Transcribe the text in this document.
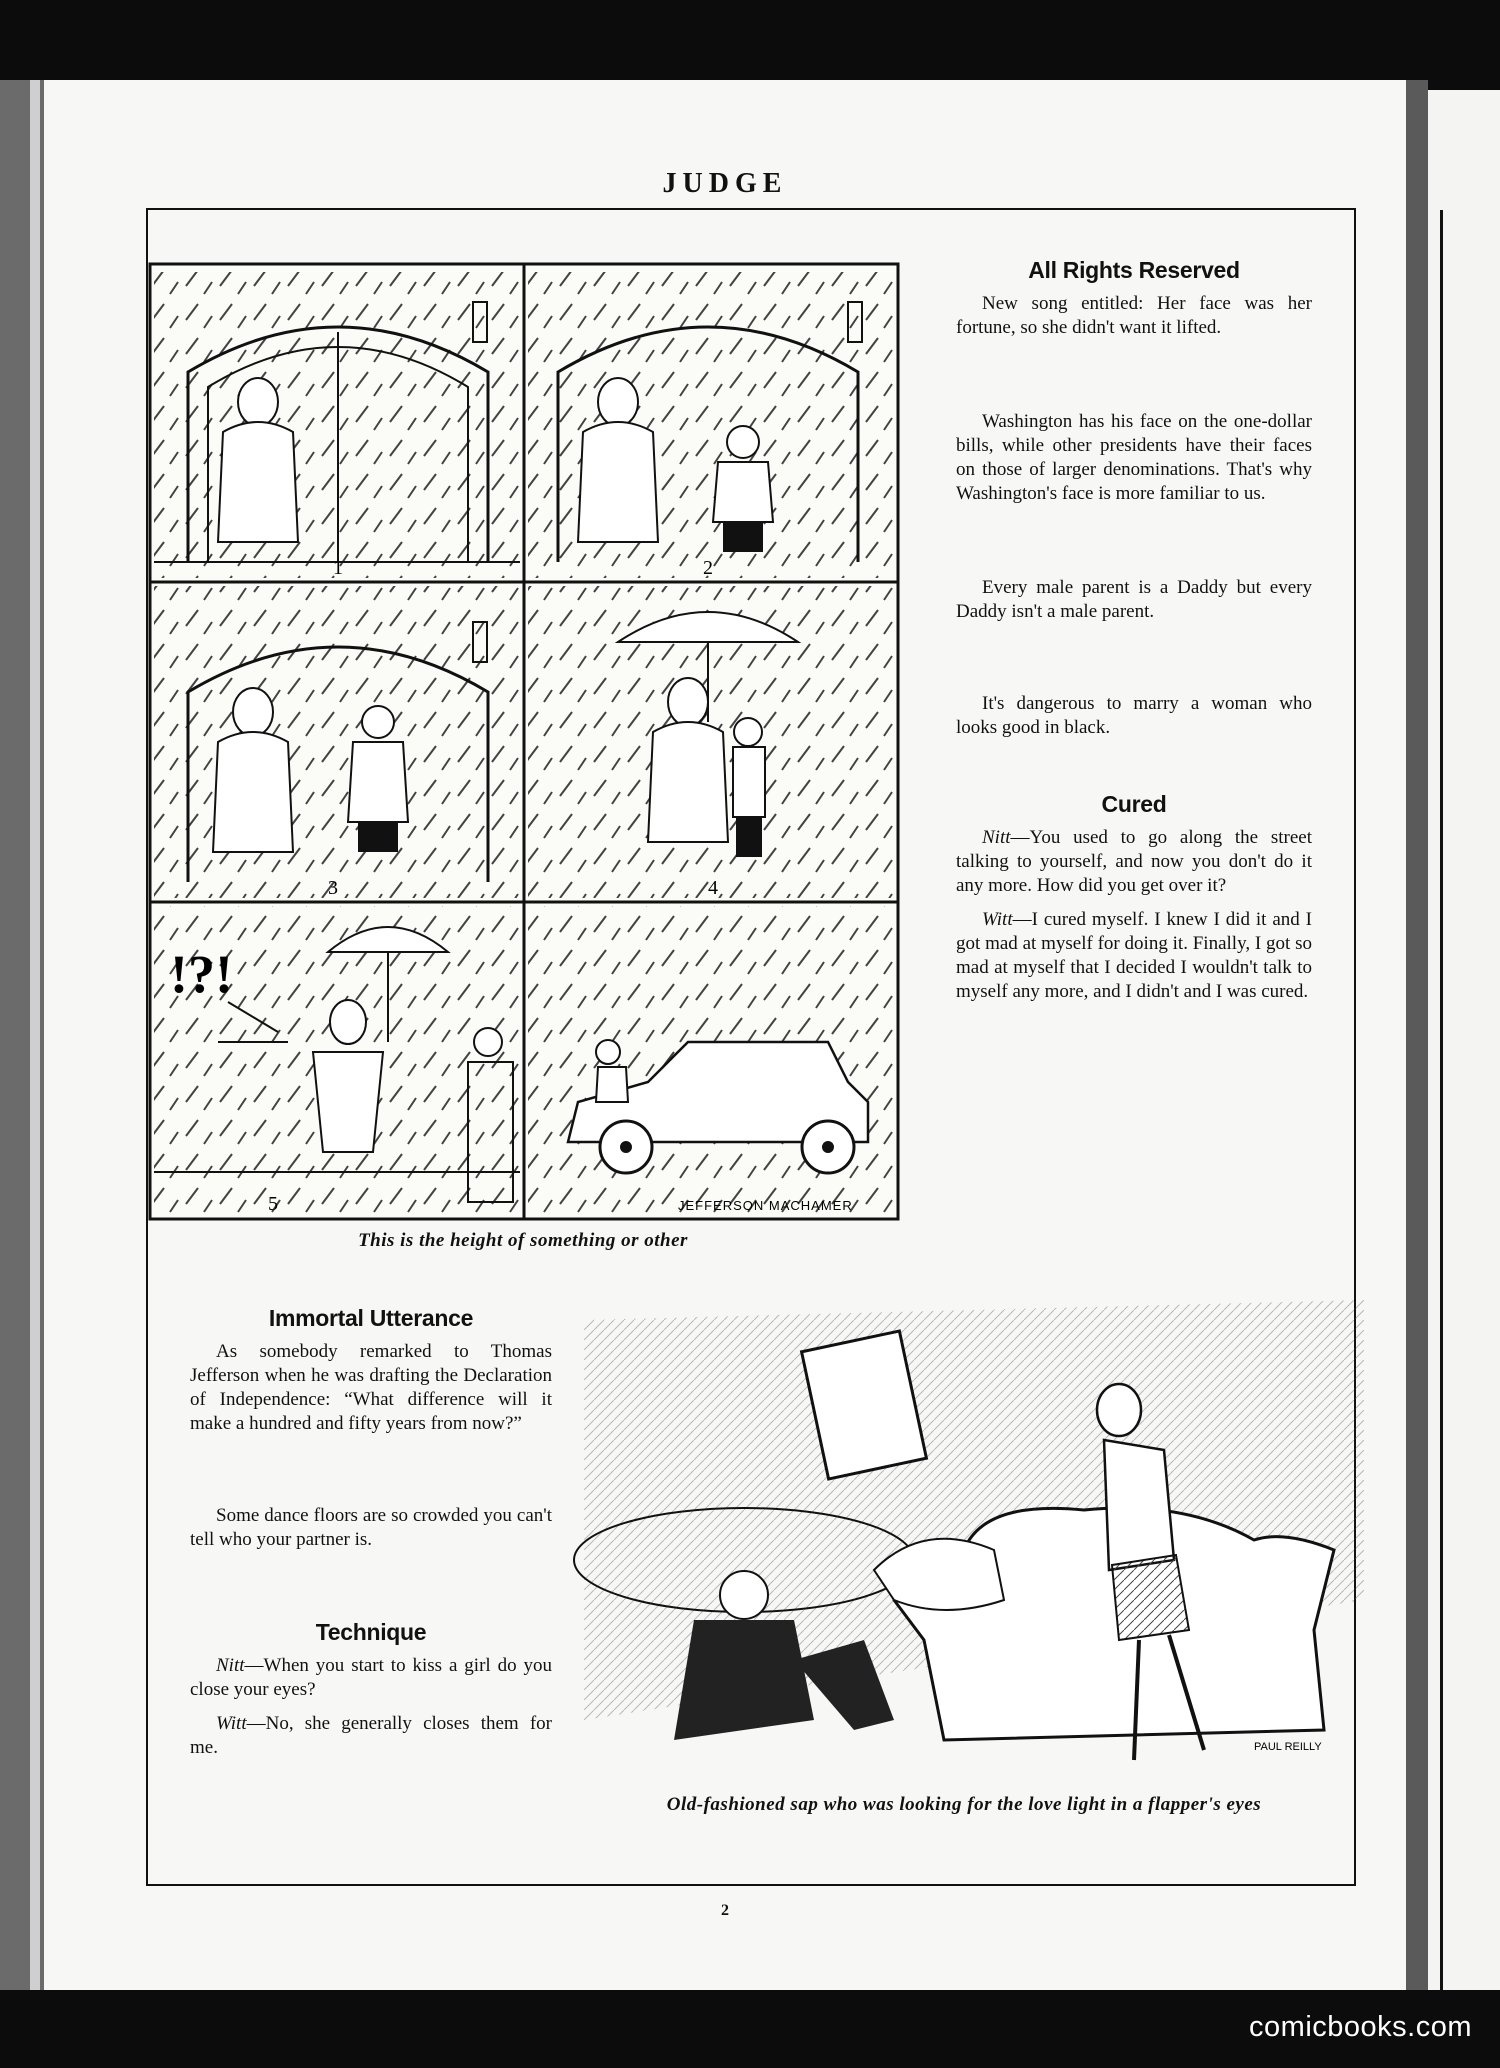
JUDGE
1	2
3	4
5
!?!
JEFFERSON MACHAMER
This is the height of something or other
All Rights Reserved

New song entitled: Her face was her fortune, so she didn't want it lifted.

Washington has his face on the one-dollar bills, while other presidents have their faces on those of larger denominations. That's why Washington's face is more familiar to us.

Every male parent is a Daddy but every Daddy isn't a male parent.

It's dangerous to marry a woman who looks good in black.

Cured

Nitt—You used to go along the street talking to yourself, and now you don't do it any more. How did you get over it?

Witt—I cured myself. I knew I did it and I got mad at myself for doing it. Finally, I got so mad at myself that I decided I wouldn't talk to myself any more, and I didn't and I was cured.

Immortal Utterance

As somebody remarked to Thomas Jefferson when he was drafting the Declaration of Independence: “What difference will it make a hundred and fifty years from now?”

Some dance floors are so crowded you can't tell who your partner is.

Technique

Nitt—When you start to kiss a girl do you close your eyes?

Witt—No, she generally closes them for me.	PAUL REILLY
Old-fashioned sap who was looking for the love light in a flapper's eyes
2
comicbooks.com
